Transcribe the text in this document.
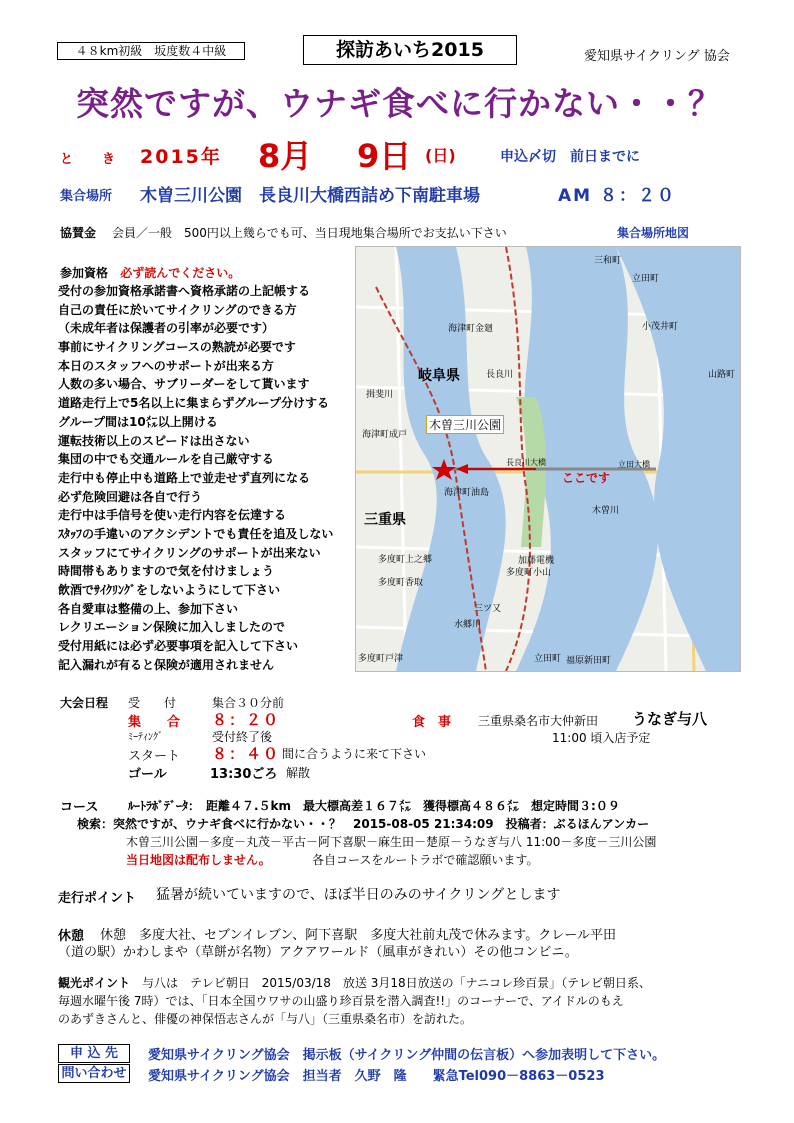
４８km初級　坂度数４中級	探訪あいち2015	愛知県サイクリング 協会
突然ですが、ウナギ食べに行かない・・？
と　き 2015年 8月 9日 (日)	申込〆切　前日までに
集合場所 木曽三川公園　長良川大橋西詰め下南駐車場	AM ８：２０
協賛金 会員／一般　500円以上幾らでも可、当日現地集合場所でお支払い下さい	集合場所地図
参加資格 必ず読んでください。
受付の参加資格承諾書へ資格承諾の上記帳する
自己の責任に於いてサイクリングのできる方
（未成年者は保護者の引率が必要です）
事前にサイクリングコースの熟読が必要です
本日のスタッフへのサポートが出来る方
人数の多い場合、サブリーダーをして貰います
道路走行上で5名以上に集まらずグループ分けする
グループ間は10㍍以上開ける
運転技術以上のスピードは出さない
集団の中でも交通ルールを自己厳守する
走行中も停止中も道路上で並走せず直列になる
必ず危険回避は各自で行う
走行中は手信号を使い走行内容を伝達する
ｽﾀｯﾌの手違いのアクシデントでも責任を追及しない
スタッフにてサイクリングのサポートが出来ない
時間帯もありますので気を付けましょう
飲酒でｻｲｸﾘﾝｸﾞをしないようにして下さい
各自愛車は整備の上、参加下さい
レクリエーション保険に加入しましたので
受付用紙には必ず必要事項を記入して下さい
記入漏れが有ると保険が適用されません
岐阜県
三重県
木曽三川公園
ここです
三和町
海津町金廻
海津町成戸
揖斐川
長良川
海津町油島
多度町上之郷
多度町香取
加藤電機
多度町小山
水郷川
三ツ又
木曽川
立田町
小茂井町
山路町
長良川大橋	立田大橋
福原新田町
立田町
多度町戸津
大会日程 受　　付	集合３０分前
集　　合 ８：２０
ﾐｰﾃｨﾝｸﾞ	受付終了後
スタート ８：４０ 間に合うように来て下さい
ゴール	13:30ごろ 解散
食　事 三重県桑名市大仲新田 うなぎ与八
11:00 頃入店予定
コース ﾙｰﾄﾗﾎﾞﾃﾞｰﾀ：　距離４７.５km　最大標高差１６７㍍　獲得標高４８６㍍　想定時間３:０９
検索：突然ですが、ウナギ食べに行かない・・？　2015-08-05 21:34:09　投稿者：ぶるほんアンカー
木曽三川公園－多度－丸茂－平古－阿下喜駅－麻生田－楚原－うなぎ与八 11:00－多度－三川公園
当日地図は配布しません。	各自コースをルートラボで確認願います。
走行ポイント 猛暑が続いていますので、ほぼ半日のみのサイクリングとします
休憩 休憩　多度大社、セブンイレブン、阿下喜駅　多度大社前丸茂で休みます。クレール平田
（道の駅）かわしまや（草餅が名物）アクアワールド（風車がきれい）その他コンビニ。
観光ポイント 与八は　テレビ朝日　2015/03/18　放送 3月18日放送の「ナニコレ珍百景」（テレビ朝日系、
毎週水曜午後 7時）では、「日本全国ウワサの山盛り珍百景を潜入調査!!」のコーナーで、アイドルのもえ
のあずきさんと、俳優の神保悟志さんが「与八」（三重県桑名市）を訪れた。
申 込 先	愛知県サイクリング協会　掲示板（サイクリング仲間の伝言板）へ参加表明して下さい。
問い合わせ 愛知県サイクリング協会　担当者　久野　隆　　緊急Tel090－8863－0523
